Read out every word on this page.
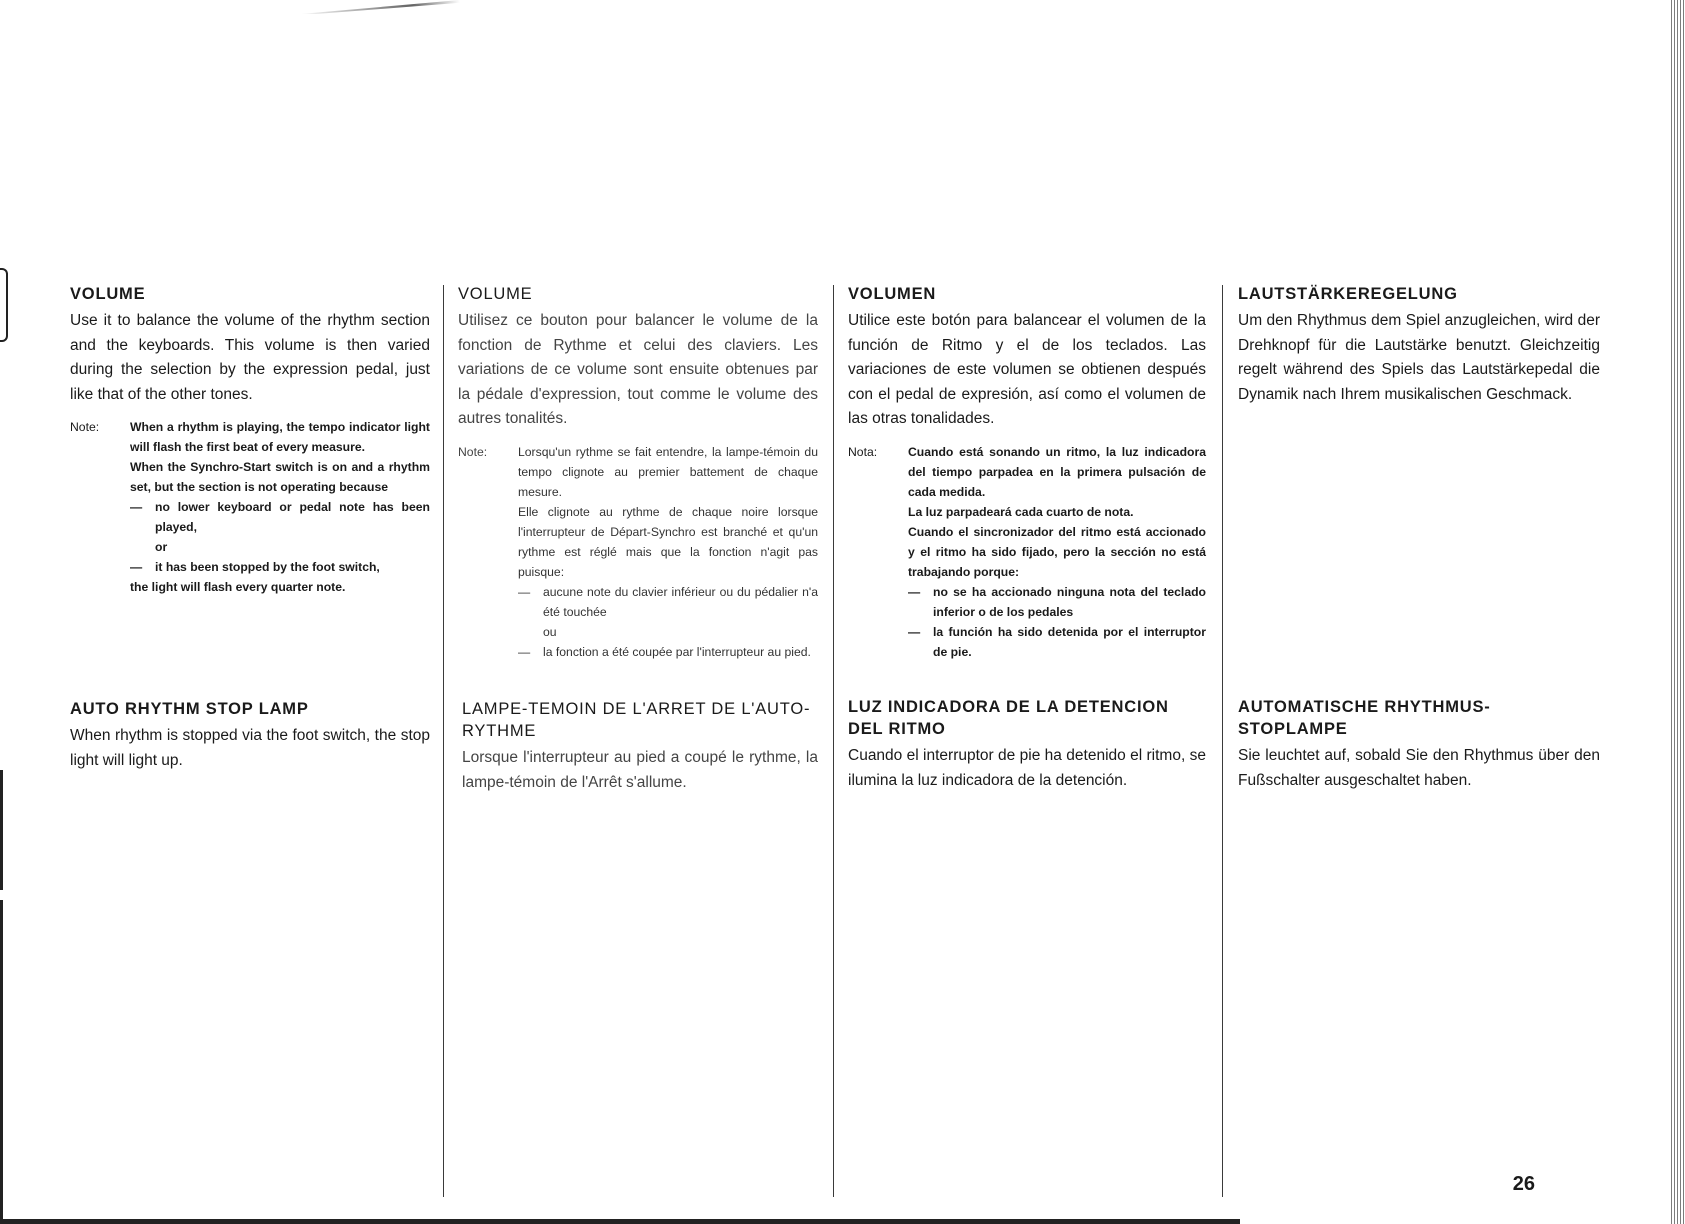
VOLUME

Use it to balance the volume of the rhythm section and the keyboards. This volume is then varied during the selection by the expression pedal, just like that of the other tones.

Note:	When a rhythm is playing, the tempo indicator light will flash the first beat of every measure.
When the Synchro-Start switch is on and a rhythm set, but the section is not operating because
—	no lower keyboard or pedal note has been played,
or
—	it has been stopped by the foot switch,
the light will flash every quarter note.
AUTO RHYTHM STOP LAMP

When rhythm is stopped via the foot switch, the stop light will light up.

VOLUME

Utilisez ce bouton pour balancer le volume de la fonction de Rythme et celui des claviers. Les variations de ce volume sont ensuite obtenues par la pédale d'expression, tout comme le volume des autres tonalités.

Note:	Lorsqu'un rythme se fait entendre, la lampe-témoin du tempo clignote au premier battement de chaque mesure.
Elle clignote au rythme de chaque noire lorsque l'interrupteur de Départ-Synchro est branché et qu'un rythme est réglé mais que la fonction n'agit pas puisque:
—	aucune note du clavier inférieur ou du pédalier n'a été touchée
ou
—	la fonction a été coupée par l'interrupteur au pied.
LAMPE-TEMOIN DE L'ARRET DE L'AUTO-RYTHME

Lorsque l'interrupteur au pied a coupé le rythme, la lampe-témoin de l'Arrêt s'allume.

VOLUMEN

Utilice este botón para balancear el volumen de la función de Ritmo y el de los teclados. Las variaciones de este volumen se obtienen después con el pedal de expresión, así como el volumen de las otras tonalidades.

Nota:	Cuando está sonando un ritmo, la luz indicadora del tiempo parpadea en la primera pulsación de cada medida.
La luz parpadeará cada cuarto de nota.
Cuando el sincronizador del ritmo está accionado y el ritmo ha sido fijado, pero la sección no está trabajando porque:
—	no se ha accionado ninguna nota del teclado inferior o de los pedales
—	la función ha sido detenida por el interruptor de pie.
LUZ INDICADORA DE LA DETENCION DEL RITMO

Cuando el interruptor de pie ha detenido el ritmo, se ilumina la luz indicadora de la detención.

LAUTSTÄRKEREGELUNG

Um den Rhythmus dem Spiel anzugleichen, wird der Drehknopf für die Lautstärke benutzt. Gleichzeitig regelt während des Spiels das Lautstärkepedal die Dynamik nach Ihrem musikalischen Geschmack.

AUTOMATISCHE RHYTHMUS-STOPLAMPE

Sie leuchtet auf, sobald Sie den Rhythmus über den Fußschalter ausgeschaltet haben.

26
